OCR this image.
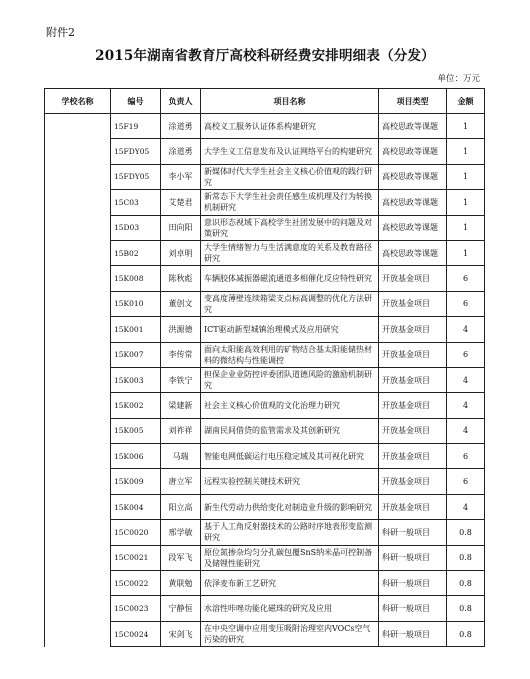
附件2
2015年湖南省教育厅高校科研经费安排明细表（分发）
单位：万元
学校名称	编号	负责人	项目名称	项目类型	金额
	15F19	涂道勇	高校义工服务认证体系构建研究	高校思政等课题	1
	15FDY05	涂道勇	大学生义工信息发布及认证网络平台的构建研究	高校思政等课题	1
	15FDY05	李小军	新媒体时代大学生社会主义核心价值观的践行研究	高校思政等课题	1
	15C03	艾楚君	新常态下大学生社会责任感生成机理及行为转换机制研究	高校思政等课题	1
	15D03	田向阳	意识形态视域下高校学生社团发展中的问题及对策研究	高校思政等课题	1
	15B02	刘卓明	大学生情绪智力与生活满意度的关系及教育路径研究	高校思政等课题	1
	15K008	陈秋彪	车辆胶体减振器磁流通道多相催化反应特性研究	开放基金项目	6
	15K010	董创文	变高度薄壁连续箱梁支点标高调整的优化方法研究	开放基金项目	6
	15K001	洪源德	ICT驱动新型城镇治理模式及应用研究	开放基金项目	4
	15K007	李传常	面向太阳能高效利用的矿物结合基太阳能储热材料的微结构与性能调控	开放基金项目	6
	15K003	李铁宁	担保企业业防控评委团队道德风险的激励机制研究	开放基金项目	4
	15K002	梁建新	社会主义核心价值观的文化治理力研究	开放基金项目	4
	15K005	刘祚祥	湖南民间借贷的监管需求及其创新研究	开放基金项目	4
	15K006	马瑞	智能电网低碳运行电压稳定域及其可视化研究	开放基金项目	6
	15K009	唐立军	远程实验控制关键技术研究	开放基金项目	6
	15K004	阳立高	新生代劳动力供给变化对制造业升级的影响研究	开放基金项目	4
	15C0020	邢学敏	基于人工角反射器技术的公路时序地表形变监测研究	科研一般项目	0.8
	15C0021	段军飞	原位氮掺杂均匀分孔碳包覆SnS纳米晶可控制备及储锂性能研究	科研一般项目	0.8
	15C0022	黄联勉	依泽麦布新工艺研究	科研一般项目	0.8
	15C0023	宁静恒	水溶性咔唑功能化磁珠的研究及应用	科研一般项目	0.8
	15C0024	宋剑飞	在中央空调中应用变压吸附治理室内VOCs空气污染的研究	科研一般项目	0.8
